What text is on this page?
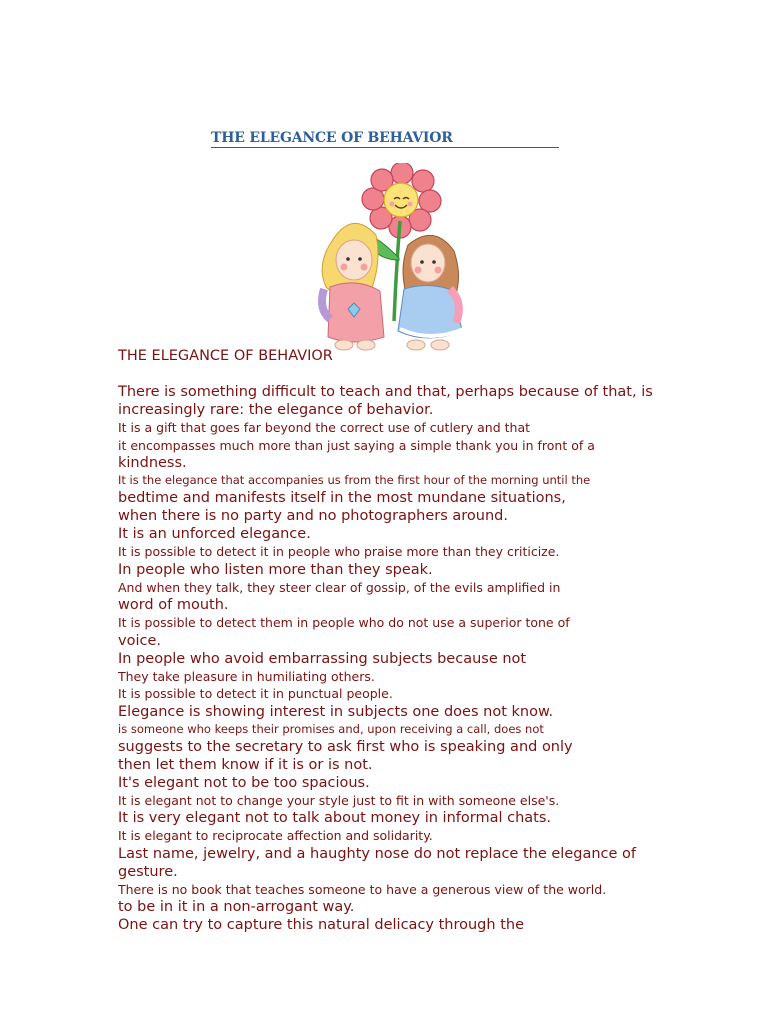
THE ELEGANCE OF BEHAVIOR
THE ELEGANCE OF BEHAVIOR
There is something difficult to teach and that, perhaps because of that, is
increasingly rare: the elegance of behavior.
It is a gift that goes far beyond the correct use of cutlery and that
it encompasses much more than just saying a simple thank you in front of a
kindness.
It is the elegance that accompanies us from the first hour of the morning until the
bedtime and manifests itself in the most mundane situations,
when there is no party and no photographers around.
It is an unforced elegance.
It is possible to detect it in people who praise more than they criticize.
In people who listen more than they speak.
And when they talk, they steer clear of gossip, of the evils amplified in
word of mouth.
It is possible to detect them in people who do not use a superior tone of
voice.
In people who avoid embarrassing subjects because not
They take pleasure in humiliating others.
It is possible to detect it in punctual people.
Elegance is showing interest in subjects one does not know.
is someone who keeps their promises and, upon receiving a call, does not
suggests to the secretary to ask first who is speaking and only
then let them know if it is or is not.
It's elegant not to be too spacious.
It is elegant not to change your style just to fit in with someone else's.
It is very elegant not to talk about money in informal chats.
It is elegant to reciprocate affection and solidarity.
Last name, jewelry, and a haughty nose do not replace the elegance of
gesture.
There is no book that teaches someone to have a generous view of the world.
to be in it in a non-arrogant way.
One can try to capture this natural delicacy through the
